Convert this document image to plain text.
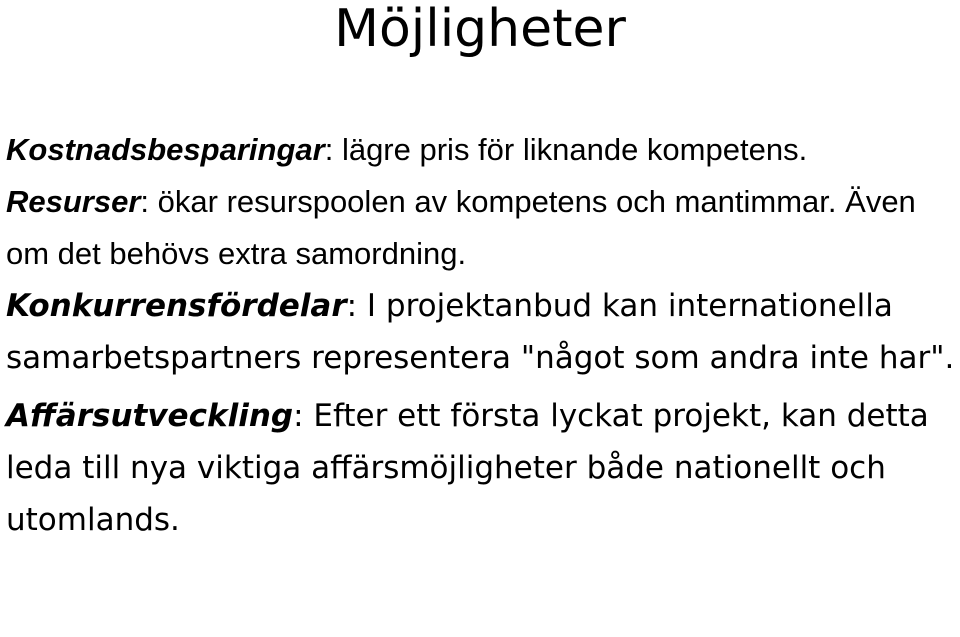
Möjligheter

Kostnadsbesparingar: lägre pris för liknande kompetens.

Resurser: ökar resurspoolen av kompetens och mantimmar. Även om det behövs extra samordning.

Konkurrensfördelar: I projektanbud kan internationella samarbetspartners representera "något som andra inte har".

Affärsutveckling: Efter ett första lyckat projekt, kan detta leda till nya viktiga affärsmöjligheter både nationellt och utomlands.
